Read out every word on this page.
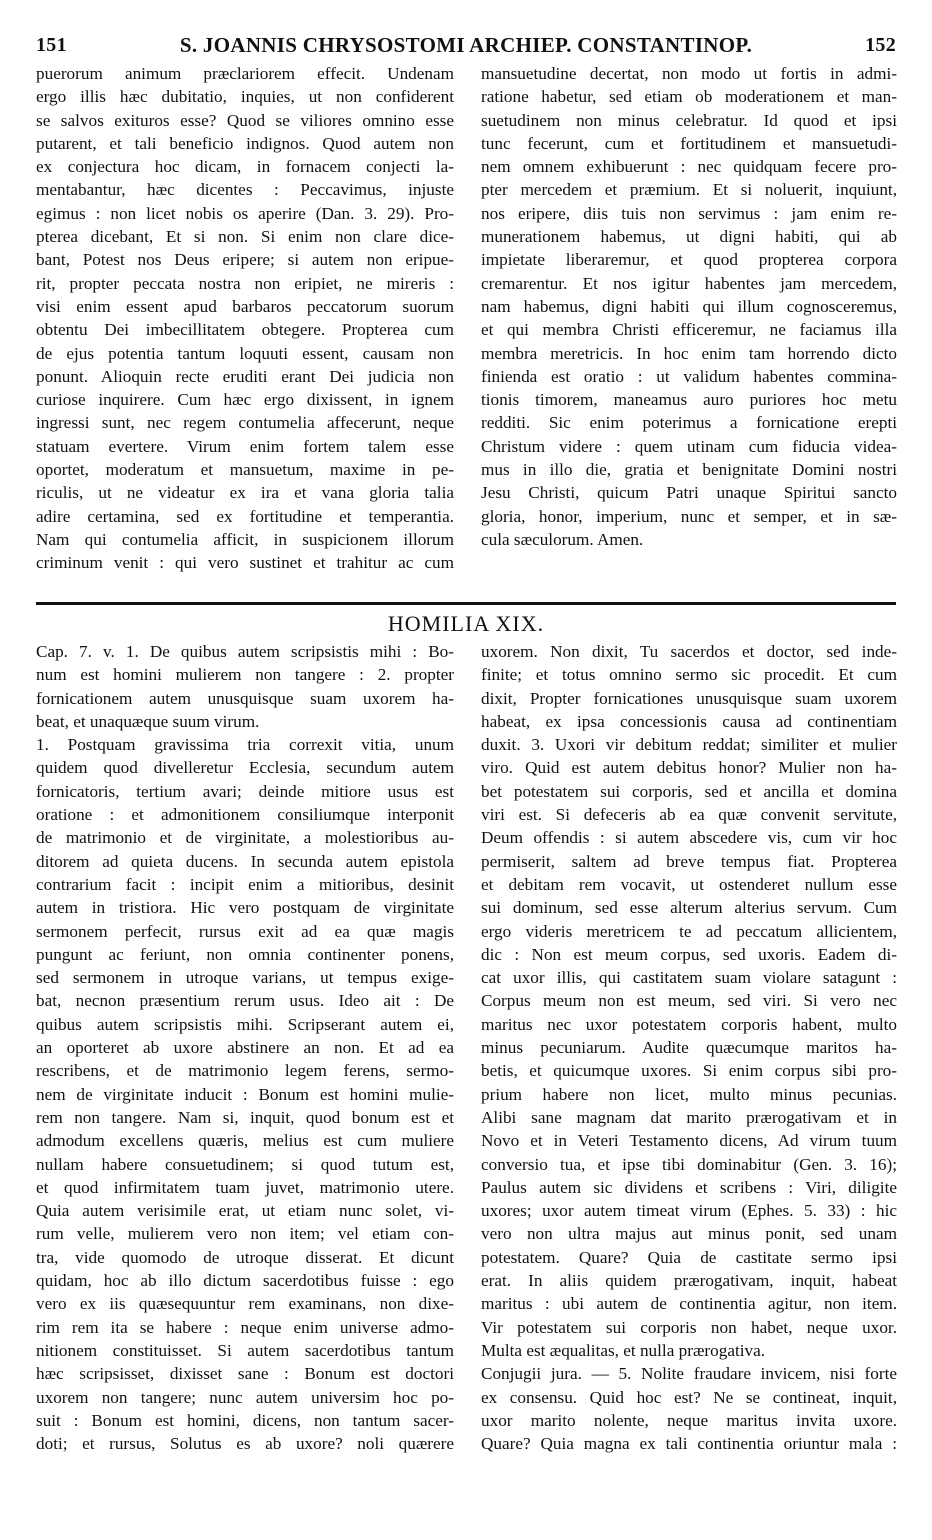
151	S. JOANNIS CHRYSOSTOMI ARCHIEP. CONSTANTINOP.	152
puerorum animum præclariorem effecit. Undenam
ergo illis hæc dubitatio, inquies, ut non confiderent
se salvos exituros esse? Quod se viliores omnino esse
putarent, et tali beneficio indignos. Quod autem non
ex conjectura hoc dicam, in fornacem conjecti la-
mentabantur, hæc dicentes : Peccavimus, injuste
egimus : non licet nobis os aperire (Dan. 3. 29). Pro-
pterea dicebant, Et si non. Si enim non clare dice-
bant, Potest nos Deus eripere; si autem non eripue-
rit, propter peccata nostra non eripiet, ne mireris :
visi enim essent apud barbaros peccatorum suorum
obtentu Dei imbecillitatem obtegere. Propterea cum
de ejus potentia tantum loquuti essent, causam non
ponunt. Alioquin recte eruditi erant Dei judicia non
curiose inquirere. Cum hæc ergo dixissent, in ignem
ingressi sunt, nec regem contumelia affecerunt, neque
statuam evertere. Virum enim fortem talem esse
oportet, moderatum et mansuetum, maxime in pe-
riculis, ut ne videatur ex ira et vana gloria talia
adire certamina, sed ex fortitudine et temperantia.
Nam qui contumelia afficit, in suspicionem illorum
criminum venit : qui vero sustinet et trahitur ac cum
mansuetudine decertat, non modo ut fortis in admi-
ratione habetur, sed etiam ob moderationem et man-
suetudinem non minus celebratur. Id quod et ipsi
tunc fecerunt, cum et fortitudinem et mansuetudi-
nem omnem exhibuerunt : nec quidquam fecere pro-
pter mercedem et præmium. Et si noluerit, inquiunt,
nos eripere, diis tuis non servimus : jam enim re-
munerationem habemus, ut digni habiti, qui ab
impietate liberaremur, et quod propterea corpora
cremarentur. Et nos igitur habentes jam mercedem,
nam habemus, digni habiti qui illum cognosceremus,
et qui membra Christi efficeremur, ne faciamus illa
membra meretricis. In hoc enim tam horrendo dicto
finienda est oratio : ut validum habentes commina-
tionis timorem, maneamus auro puriores hoc metu
redditi. Sic enim poterimus a fornicatione erepti
Christum videre : quem utinam cum fiducia videa-
mus in illo die, gratia et benignitate Domini nostri
Jesu Christi, quicum Patri unaque Spiritui sancto
gloria, honor, imperium, nunc et semper, et in sæ-
cula sæculorum. Amen.
HOMILIA XIX.
Cap. 7. v. 1. De quibus autem scripsistis mihi : Bo-
num est homini mulierem non tangere : 2. propter
fornicationem autem unusquisque suam uxorem ha-
beat, et unaquæque suum virum.
1. Postquam gravissima tria correxit vitia, unum
quidem quod divelleretur Ecclesia, secundum autem
fornicatoris, tertium avari; deinde mitiore usus est
oratione : et admonitionem consiliumque interponit
de matrimonio et de virginitate, a molestioribus au-
ditorem ad quieta ducens. In secunda autem epistola
contrarium facit : incipit enim a mitioribus, desinit
autem in tristiora. Hic vero postquam de virginitate
sermonem perfecit, rursus exit ad ea quæ magis
pungunt ac feriunt, non omnia continenter ponens,
sed sermonem in utroque varians, ut tempus exige-
bat, necnon præsentium rerum usus. Ideo ait : De
quibus autem scripsistis mihi. Scripserant autem ei,
an oporteret ab uxore abstinere an non. Et ad ea
rescribens, et de matrimonio legem ferens, sermo-
nem de virginitate inducit : Bonum est homini mulie-
rem non tangere. Nam si, inquit, quod bonum est et
admodum excellens quæris, melius est cum muliere
nullam habere consuetudinem; si quod tutum est,
et quod infirmitatem tuam juvet, matrimonio utere.
Quia autem verisimile erat, ut etiam nunc solet, vi-
rum velle, mulierem vero non item; vel etiam con-
tra, vide quomodo de utroque disserat. Et dicunt
quidam, hoc ab illo dictum sacerdotibus fuisse : ego
vero ex iis quæsequuntur rem examinans, non dixe-
rim rem ita se habere : neque enim universe admo-
nitionem constituisset. Si autem sacerdotibus tantum
hæc scripsisset, dixisset sane : Bonum est doctori
uxorem non tangere; nunc autem universim hoc po-
suit : Bonum est homini, dicens, non tantum sacer-
doti; et rursus, Solutus es ab uxore? noli quærere
uxorem. Non dixit, Tu sacerdos et doctor, sed inde-
finite; et totus omnino sermo sic procedit. Et cum
dixit, Propter fornicationes unusquisque suam uxorem
habeat, ex ipsa concessionis causa ad continentiam
duxit. 3. Uxori vir debitum reddat; similiter et mulier
viro. Quid est autem debitus honor? Mulier non ha-
bet potestatem sui corporis, sed et ancilla et domina
viri est. Si defeceris ab ea quæ convenit servitute,
Deum offendis : si autem abscedere vis, cum vir hoc
permiserit, saltem ad breve tempus fiat. Propterea
et debitam rem vocavit, ut ostenderet nullum esse
sui dominum, sed esse alterum alterius servum. Cum
ergo videris meretricem te ad peccatum allicientem,
dic : Non est meum corpus, sed uxoris. Eadem di-
cat uxor illis, qui castitatem suam violare satagunt :
Corpus meum non est meum, sed viri. Si vero nec
maritus nec uxor potestatem corporis habent, multo
minus pecuniarum. Audite quæcumque maritos ha-
betis, et quicumque uxores. Si enim corpus sibi pro-
prium habere non licet, multo minus pecunias.
Alibi sane magnam dat marito prærogativam et in
Novo et in Veteri Testamento dicens, Ad virum tuum
conversio tua, et ipse tibi dominabitur (Gen. 3. 16);
Paulus autem sic dividens et scribens : Viri, diligite
uxores; uxor autem timeat virum (Ephes. 5. 33) : hic
vero non ultra majus aut minus ponit, sed unam
potestatem. Quare? Quia de castitate sermo ipsi
erat. In aliis quidem prærogativam, inquit, habeat
maritus : ubi autem de continentia agitur, non item.
Vir potestatem sui corporis non habet, neque uxor.
Multa est æqualitas, et nulla prærogativa.
Conjugii jura. — 5. Nolite fraudare invicem, nisi forte
ex consensu. Quid hoc est? Ne se contineat, inquit,
uxor marito nolente, neque maritus invita uxore.
Quare? Quia magna ex tali continentia oriuntur mala :
